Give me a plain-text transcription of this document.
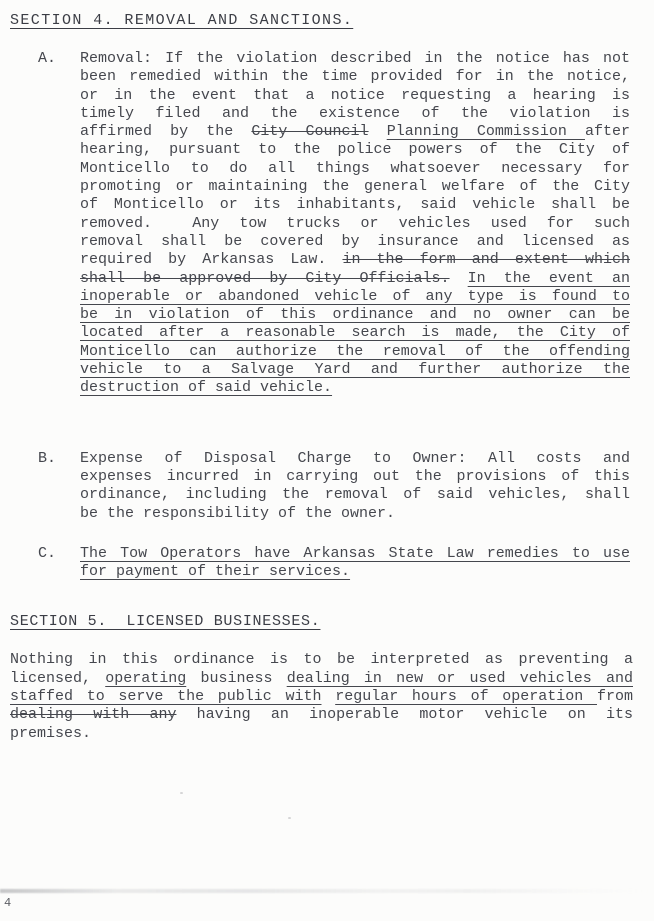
SECTION 4. REMOVAL AND SANCTIONS.
A.	Removal: If the violation described in the notice has not
been remedied within the time provided for in the notice,
or in the event that a notice requesting a hearing is
timely filed and the existence of the violation is
affirmed by the City Council Planning Commission after
hearing, pursuant to the police powers of the City of
Monticello to do all things whatsoever necessary for
promoting or maintaining the general welfare of the City
of Monticello or its inhabitants, said vehicle shall be
removed.  Any tow trucks or vehicles used for such
removal shall be covered by insurance and licensed as
required by Arkansas Law. in the form and extent which
shall be approved by City Officials. In the event an
inoperable or abandoned vehicle of any type is found to
be in violation of this ordinance and no owner can be
located after a reasonable search is made, the City of
Monticello can authorize the removal of the offending
vehicle to a Salvage Yard and further authorize the
destruction of said vehicle.
B.	Expense of Disposal Charge to Owner: All costs and
expenses incurred in carrying out the provisions of this
ordinance, including the removal of said vehicles, shall
be the responsibility of the owner.
C.	The Tow Operators have Arkansas State Law remedies to use
for payment of their services.
SECTION 5.  LICENSED BUSINESSES.
Nothing in this ordinance is to be interpreted as preventing a
licensed, operating business dealing in new or used vehicles and
staffed to serve the public with regular hours of operation from
dealing with any having an inoperable motor vehicle on its
premises.
4
